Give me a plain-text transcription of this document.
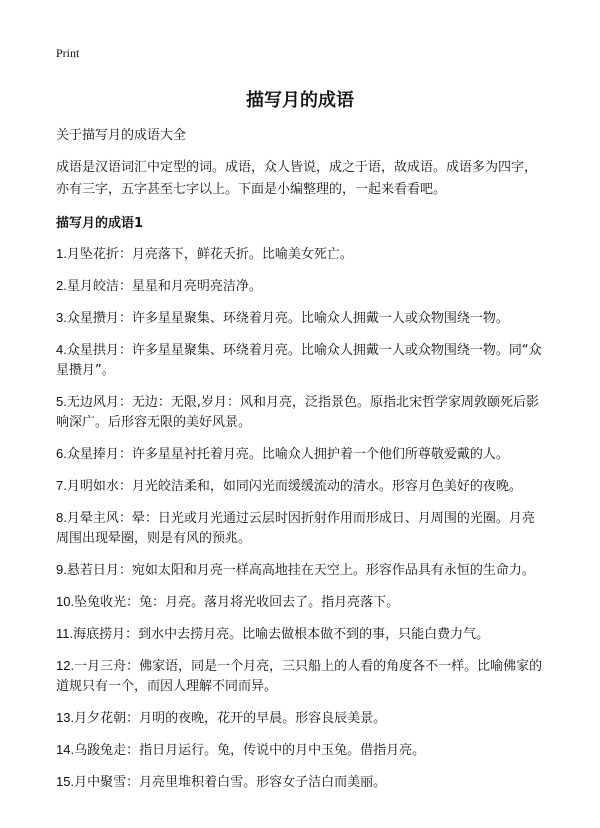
Print
描写月的成语

关于描写月的成语大全

成语是汉语词汇中定型的词。成语，众人皆说，成之于语，故成语。成语多为四字，亦有三字，五字甚至七字以上。下面是小编整理的，一起来看看吧。

描写月的成语1

1.月坠花折：月亮落下，鲜花夭折。比喻美女死亡。
2.星月皎洁：星星和月亮明亮洁净。
3.众星攒月：许多星星聚集、环绕着月亮。比喻众人拥戴一人或众物围绕一物。
4.众星拱月：许多星星聚集、环绕着月亮。比喻众人拥戴一人或众物围绕一物。同“众星攒月”。
5.无边风月：无边：无限,岁月：风和月亮，泛指景色。原指北宋哲学家周敦颐死后影响深广。后形容无限的美好风景。
6.众星捧月：许多星星衬托着月亮。比喻众人拥护着一个他们所尊敬爱戴的人。
7.月明如水：月光皎洁柔和，如同闪光而缓缓流动的清水。形容月色美好的夜晚。
8.月晕主风：晕：日光或月光通过云层时因折射作用而形成日、月周围的光圈。月亮周围出现晕圈，则是有风的预兆。
9.悬若日月：宛如太阳和月亮一样高高地挂在天空上。形容作品具有永恒的生命力。
10.坠兔收光：兔：月亮。落月将光收回去了。指月亮落下。
11.海底捞月：到水中去捞月亮。比喻去做根本做不到的事，只能白费力气。
12.一月三舟：佛家语，同是一个月亮，三只船上的人看的角度各不一样。比喻佛家的道规只有一个，而因人理解不同而异。
13.月夕花朝：月明的夜晚，花开的早晨。形容良辰美景。
14.乌踆兔走：指日月运行。兔，传说中的月中玉兔。借指月亮。
15.月中聚雪：月亮里堆积着白雪。形容女子洁白而美丽。
